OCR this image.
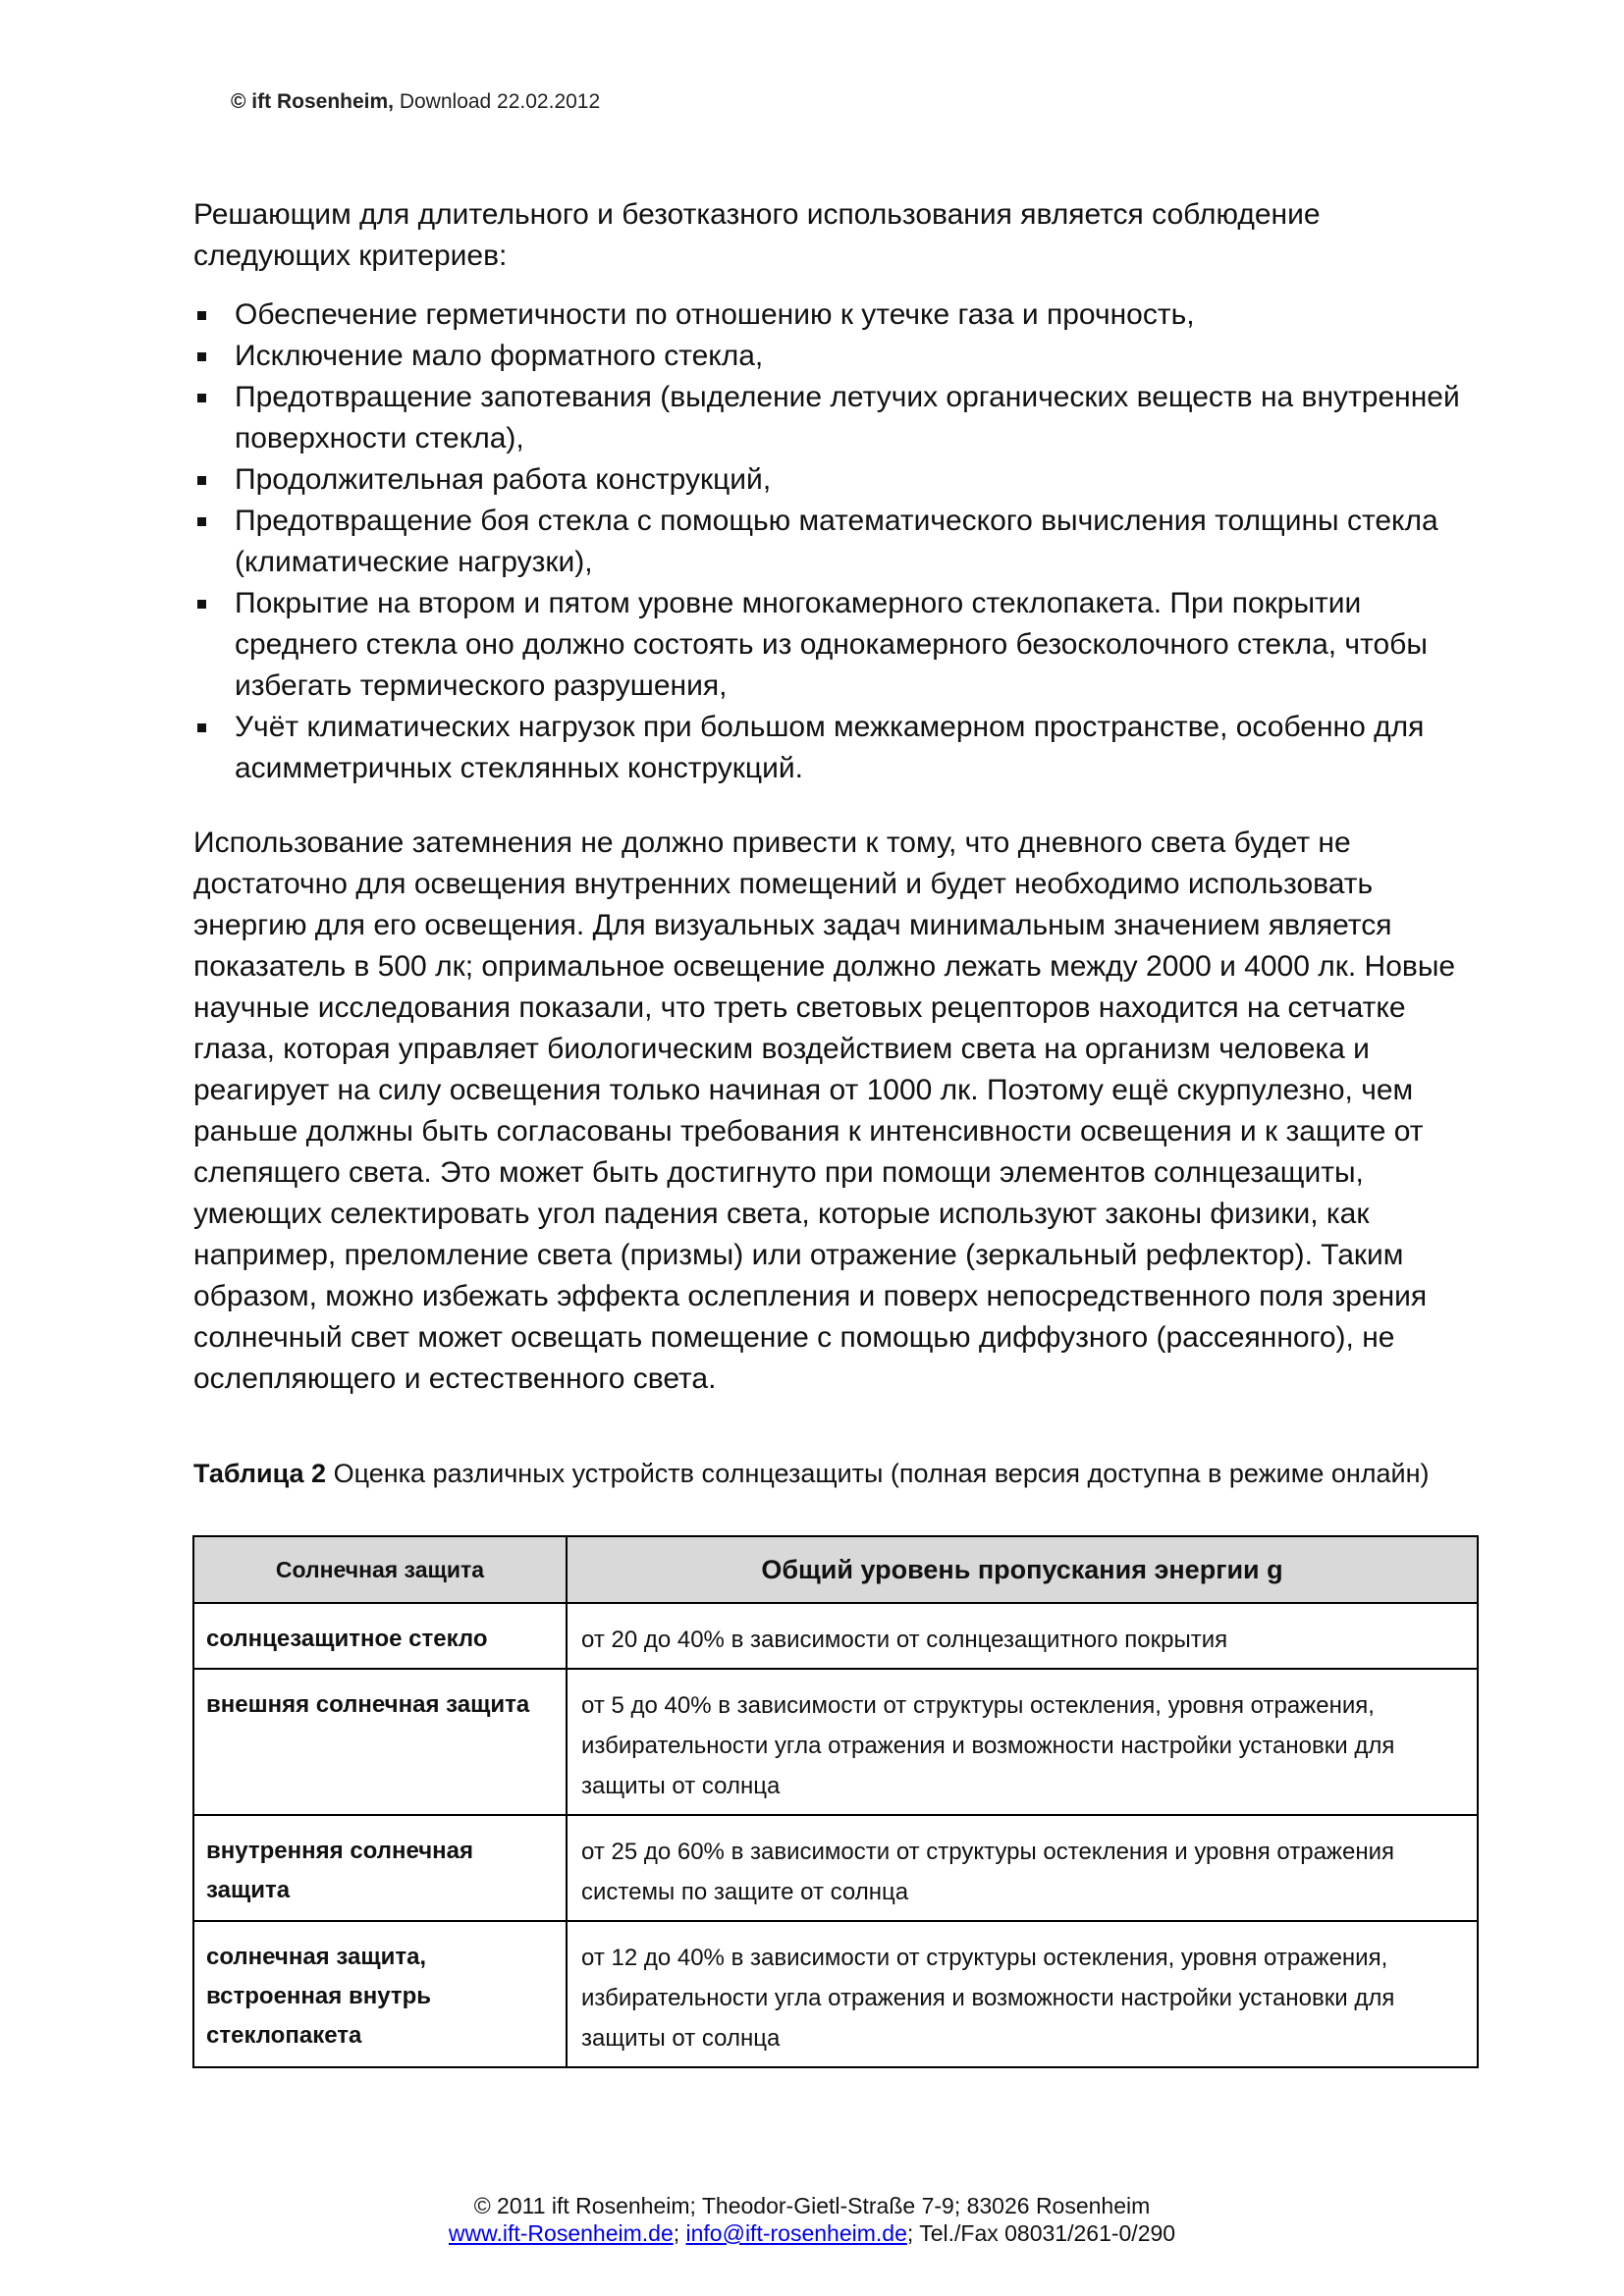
© ift Rosenheim, Download 22.02.2012

Решающим для длительного и безотказного использования является соблюдение следующих критериев:

Обеспечение герметичности по отношению к утечке газа и прочность,
Исключение мало форматного стекла,
Предотвращение запотевания (выделение летучих органических веществ на внутренней поверхности стекла),
Продолжительная работа конструкций,
Предотвращение боя стекла с помощью математического вычисления толщины стекла (климатические нагрузки),
Покрытие на втором и пятом уровне многокамерного стеклопакета. При покрытии среднего стекла оно должно состоять из однокамерного безосколочного стекла, чтобы избегать термического разрушения,
Учёт климатических нагрузок при большом межкамерном пространстве, особенно для асимметричных стеклянных конструкций.

Использование затемнения не должно привести к тому, что дневного света будет не достаточно для освещения внутренних помещений и будет необходимо использовать энергию для его освещения. Для визуальных задач минимальным значением является показатель в 500 лк; опримальное освещение должно лежать между 2000 и 4000 лк. Новые научные исследования показали, что треть световых рецепторов находится на сетчатке глаза, которая управляет биологическим воздействием света на организм человека и реагирует на силу освещения только начиная от 1000 лк. Поэтому ещё скурпулезно, чем раньше должны быть согласованы требования к интенсивности освещения и к защите от слепящего света. Это может быть достигнуто при помощи элементов солнцезащиты, умеющих селектировать угол падения света, которые используют законы физики, как например, преломление света (призмы) или отражение (зеркальный рефлектор). Таким образом, можно избежать эффекта ослепления и поверх непосредственного поля зрения солнечный свет может освещать помещение с помощью диффузного (рассеянного), не ослепляющего и естественного света.

Таблица 2 Оценка различных устройств солнцезащиты (полная версия доступна в режиме онлайн)
Солнечная защита	Общий уровень пропускания энергии g
солнцезащитное стекло	от 20 до 40% в зависимости от солнцезащитного покрытия
внешняя солнечная защита	от 5 до 40% в зависимости от структуры остекления, уровня отражения, избирательности угла отражения и возможности настройки установки для защиты от солнца
внутренняя солнечная защита	от 25 до 60% в зависимости от структуры остекления и уровня отражения системы по защите от солнца
солнечная защита, встроенная внутрь стеклопакета	от 12 до 40% в зависимости от структуры остекления, уровня отражения, избирательности угла отражения и возможности настройки установки для защиты от солнца
© 2011 ift Rosenheim; Theodor-Gietl-Straße 7-9; 83026 Rosenheim
www.ift-Rosenheim.de; info@ift-rosenheim.de; Tel./Fax 08031/261-0/290
